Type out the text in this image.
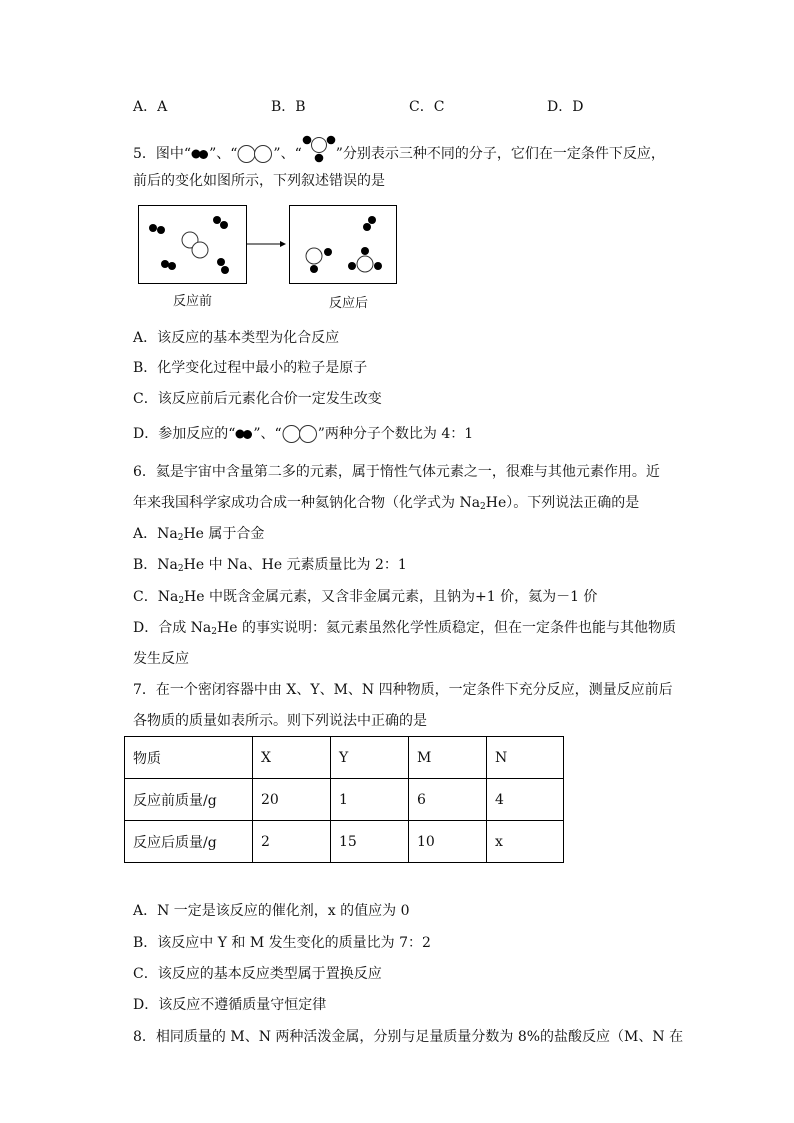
A．A	B．B	C．C	D．D
5．图中“ ”、“	”、“ ”分别表示三种不同的分子，它们在一定条件下反应，
前后的变化如图所示，下列叙述错误的是
反应前	反应后
A．该反应的基本类型为化合反应
B．化学变化过程中最小的粒子是原子
C．该反应前后元素化合价一定发生改变
D．参加反应的“ ”、“	”两种分子个数比为 4：1
6．氦是宇宙中含量第二多的元素，属于惰性气体元素之一，很难与其他元素作用。近
年来我国科学家成功合成一种氦钠化合物（化学式为 $Na_2He$）。下列说法正确的是
A．$Na_2He$ 属于合金
B．$Na_2He$ 中 Na、He 元素质量比为 2：1
C．$Na_2He$ 中既含金属元素，又含非金属元素，且钠为+1 价，氦为－1 价
D．合成 $Na_2He$ 的事实说明：氦元素虽然化学性质稳定，但在一定条件也能与其他物质
发生反应
7．在一个密闭容器中由 X、Y、M、N 四种物质，一定条件下充分反应，测量反应前后
各物质的质量如表所示。则下列说法中正确的是
物质	X	Y	M	N
反应前质量/g	20	1	6	4
反应后质量/g	2	15	10	x
A．N 一定是该反应的催化剂，x 的值应为 0
B．该反应中 Y 和 M 发生变化的质量比为 7：2
C．该反应的基本反应类型属于置换反应
D．该反应不遵循质量守恒定律
8．相同质量的 M、N 两种活泼金属，分别与足量质量分数为 8%的盐酸反应（M、N 在
